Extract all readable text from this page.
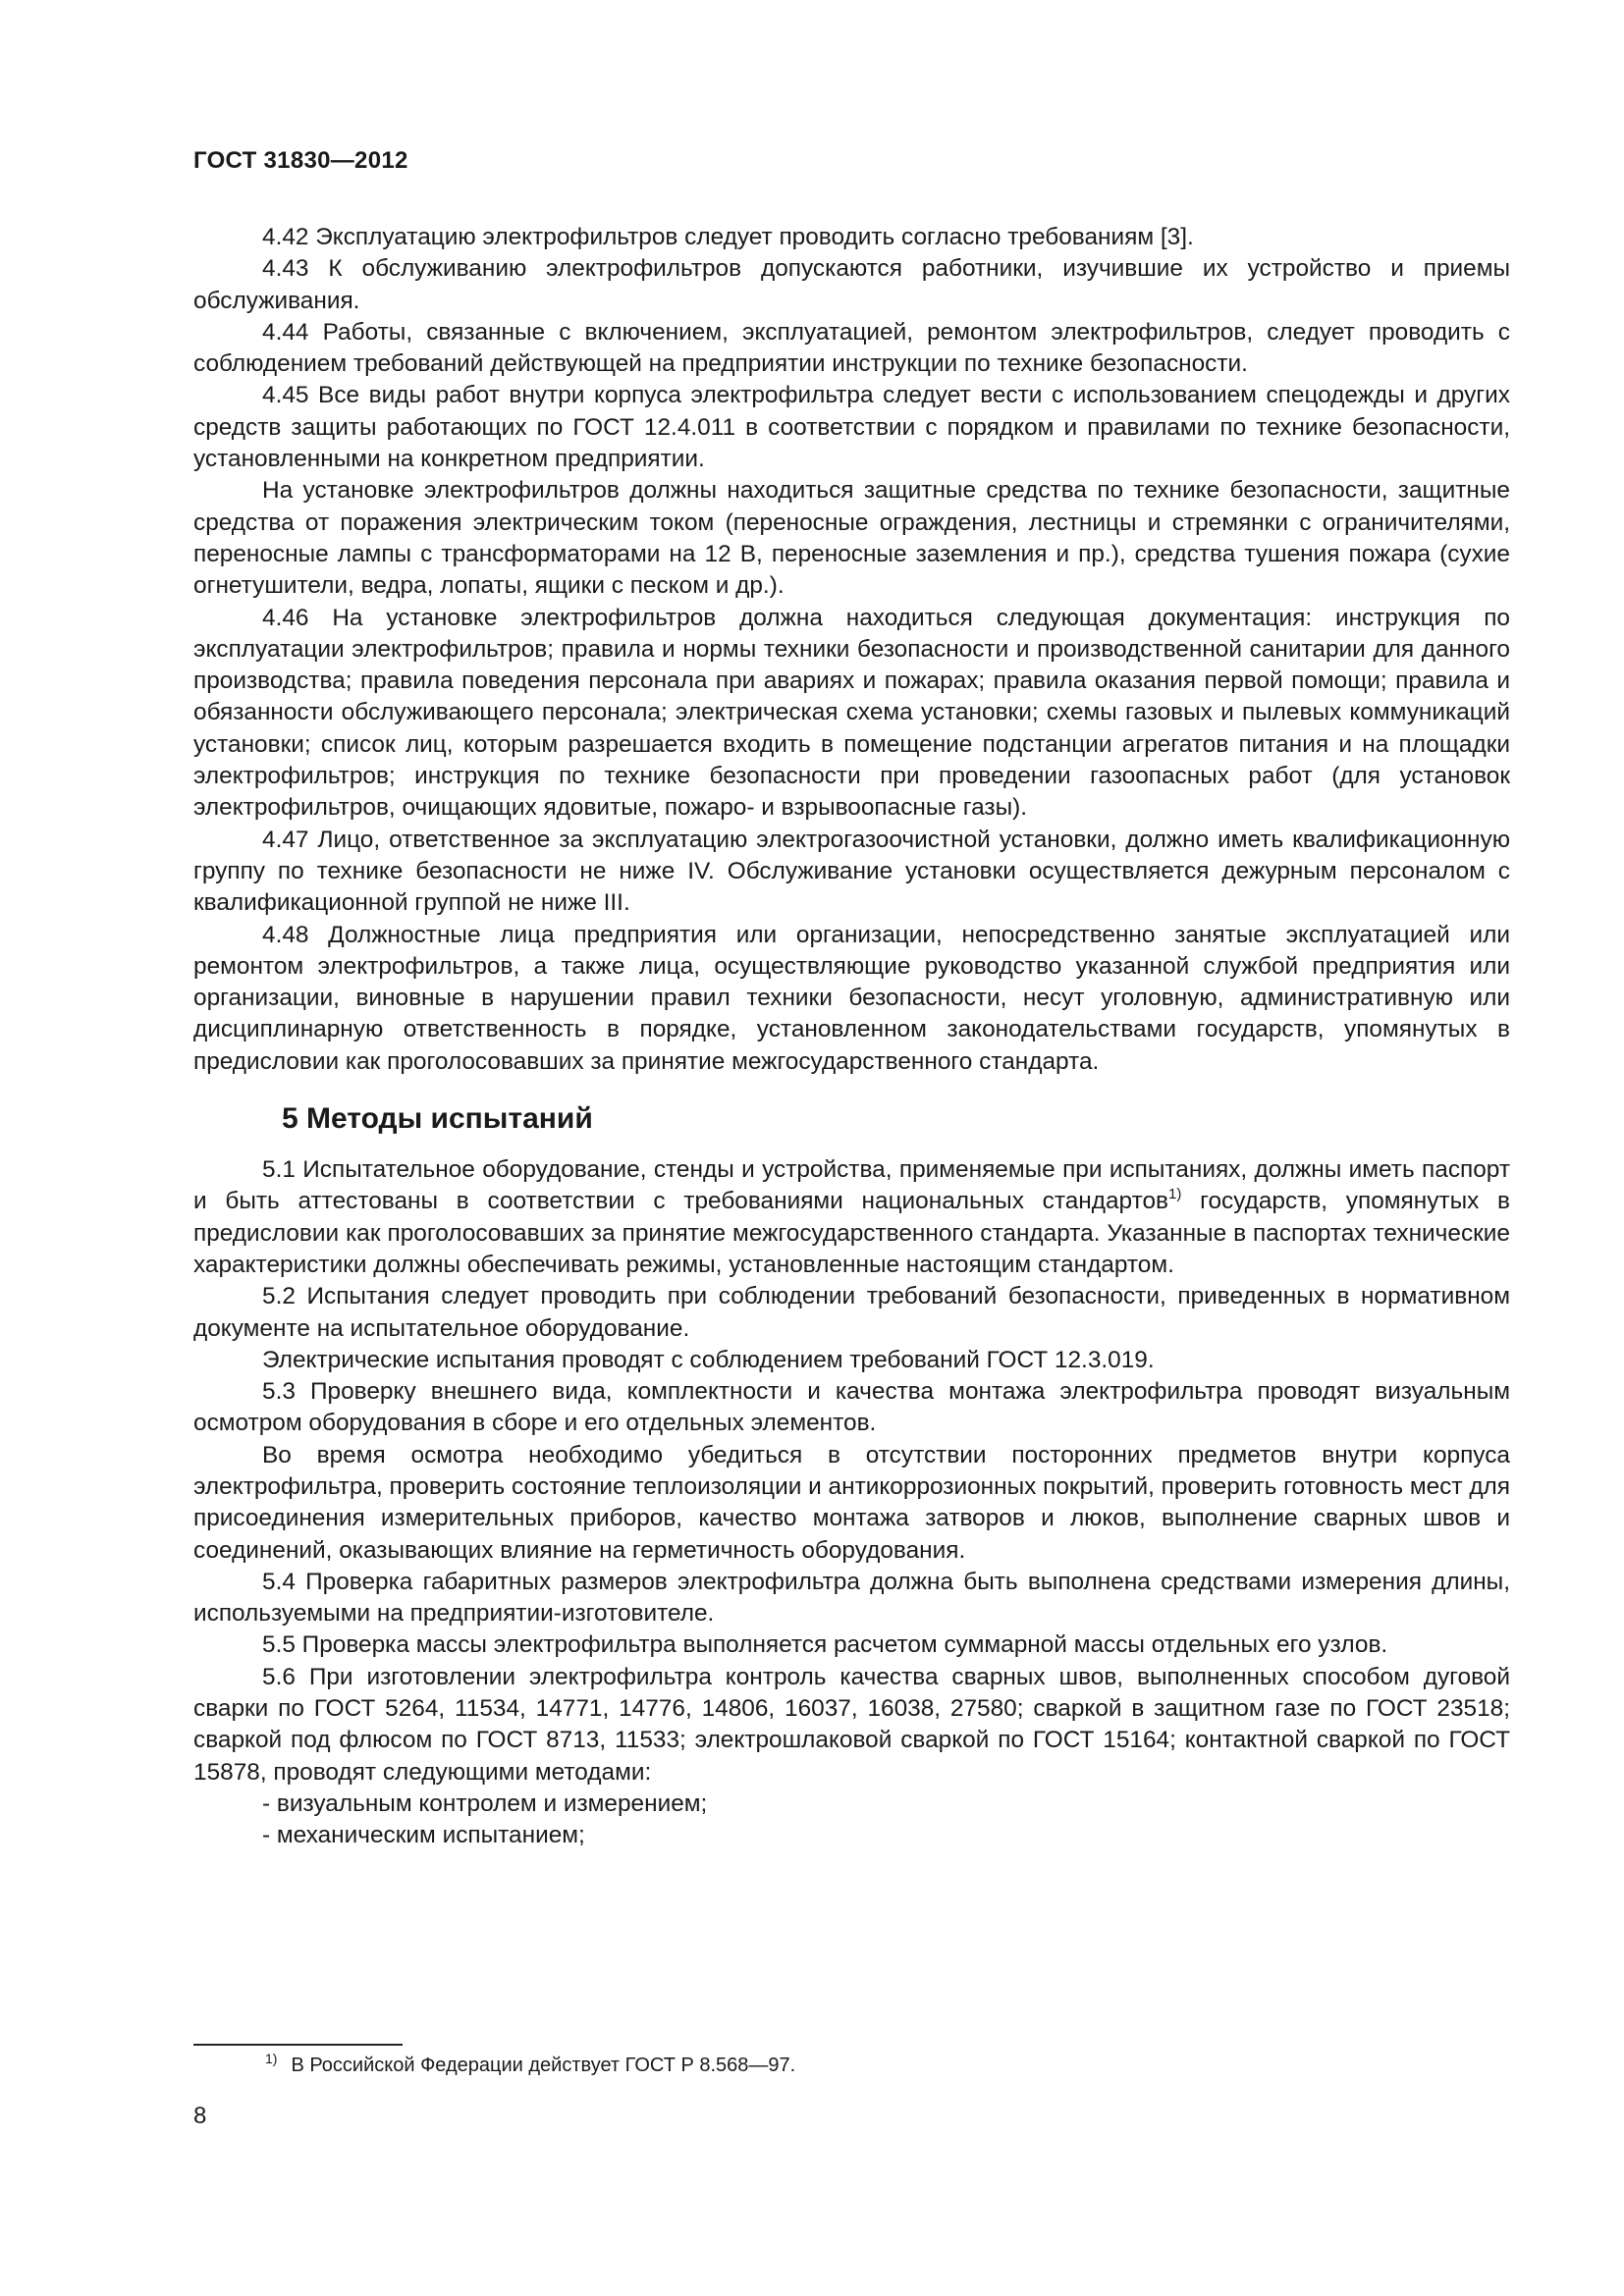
ГОСТ 31830—2012

4.42 Эксплуатацию электрофильтров следует проводить согласно требованиям [3].

4.43 К обслуживанию электрофильтров допускаются работники, изучившие их устройство и приемы обслуживания.

4.44 Работы, связанные с включением, эксплуатацией, ремонтом электрофильтров, следует проводить с соблюдением требований действующей на предприятии инструкции по технике безопасности.

4.45 Все виды работ внутри корпуса электрофильтра следует вести с использованием спецодежды и других средств защиты работающих по ГОСТ 12.4.011 в соответствии с порядком и правилами по технике безопасности, установленными на конкретном предприятии.

На установке электрофильтров должны находиться защитные средства по технике безопасности, защитные средства от поражения электрическим током (переносные ограждения, лестницы и стремянки с ограничителями, переносные лампы с трансформаторами на 12 В, переносные заземления и пр.), средства тушения пожара (сухие огнетушители, ведра, лопаты, ящики с песком и др.).

4.46 На установке электрофильтров должна находиться следующая документация: инструкция по эксплуатации электрофильтров; правила и нормы техники безопасности и производственной санитарии для данного производства; правила поведения персонала при авариях и пожарах; правила оказания первой помощи; правила и обязанности обслуживающего персонала; электрическая схема установки; схемы газовых и пылевых коммуникаций установки; список лиц, которым разрешается входить в помещение подстанции агрегатов питания и на площадки электрофильтров; инструкция по технике безопасности при проведении газоопасных работ (для установок электрофильтров, очищающих ядовитые, пожаро- и взрывоопасные газы).

4.47 Лицо, ответственное за эксплуатацию электрогазоочистной установки, должно иметь квалификационную группу по технике безопасности не ниже IV. Обслуживание установки осуществляется дежурным персоналом с квалификационной группой не ниже III.

4.48 Должностные лица предприятия или организации, непосредственно занятые эксплуатацией или ремонтом электрофильтров, а также лица, осуществляющие руководство указанной службой предприятия или организации, виновные в нарушении правил техники безопасности, несут уголовную, административную или дисциплинарную ответственность в порядке, установленном законодательствами государств, упомянутых в предисловии как проголосовавших за принятие межгосударственного стандарта.

5 Методы испытаний

5.1 Испытательное оборудование, стенды и устройства, применяемые при испытаниях, должны иметь паспорт и быть аттестованы в соответствии с требованиями национальных стандартов$^{1)}$ государств, упомянутых в предисловии как проголосовавших за принятие межгосударственного стандарта. Указанные в паспортах технические характеристики должны обеспечивать режимы, установленные настоящим стандартом.

5.2 Испытания следует проводить при соблюдении требований безопасности, приведенных в нормативном документе на испытательное оборудование.

Электрические испытания проводят с соблюдением требований ГОСТ 12.3.019.

5.3 Проверку внешнего вида, комплектности и качества монтажа электрофильтра проводят визуальным осмотром оборудования в сборе и его отдельных элементов.

Во время осмотра необходимо убедиться в отсутствии посторонних предметов внутри корпуса электрофильтра, проверить состояние теплоизоляции и антикоррозионных покрытий, проверить готовность мест для присоединения измерительных приборов, качество монтажа затворов и люков, выполнение сварных швов и соединений, оказывающих влияние на герметичность оборудования.

5.4 Проверка габаритных размеров электрофильтра должна быть выполнена средствами измерения длины, используемыми на предприятии-изготовителе.

5.5 Проверка массы электрофильтра выполняется расчетом суммарной массы отдельных его узлов.

5.6 При изготовлении электрофильтра контроль качества сварных швов, выполненных способом дуговой сварки по ГОСТ 5264, 11534, 14771, 14776, 14806, 16037, 16038, 27580; сваркой в защитном газе по ГОСТ 23518; сваркой под флюсом по ГОСТ 8713, 11533; электрошлаковой сваркой по ГОСТ 15164; контактной сваркой по ГОСТ 15878, проводят следующими методами:

- визуальным контролем и измерением;

- механическим испытанием;

$^{1)}$ В Российской Федерации действует ГОСТ Р 8.568—97.
8
